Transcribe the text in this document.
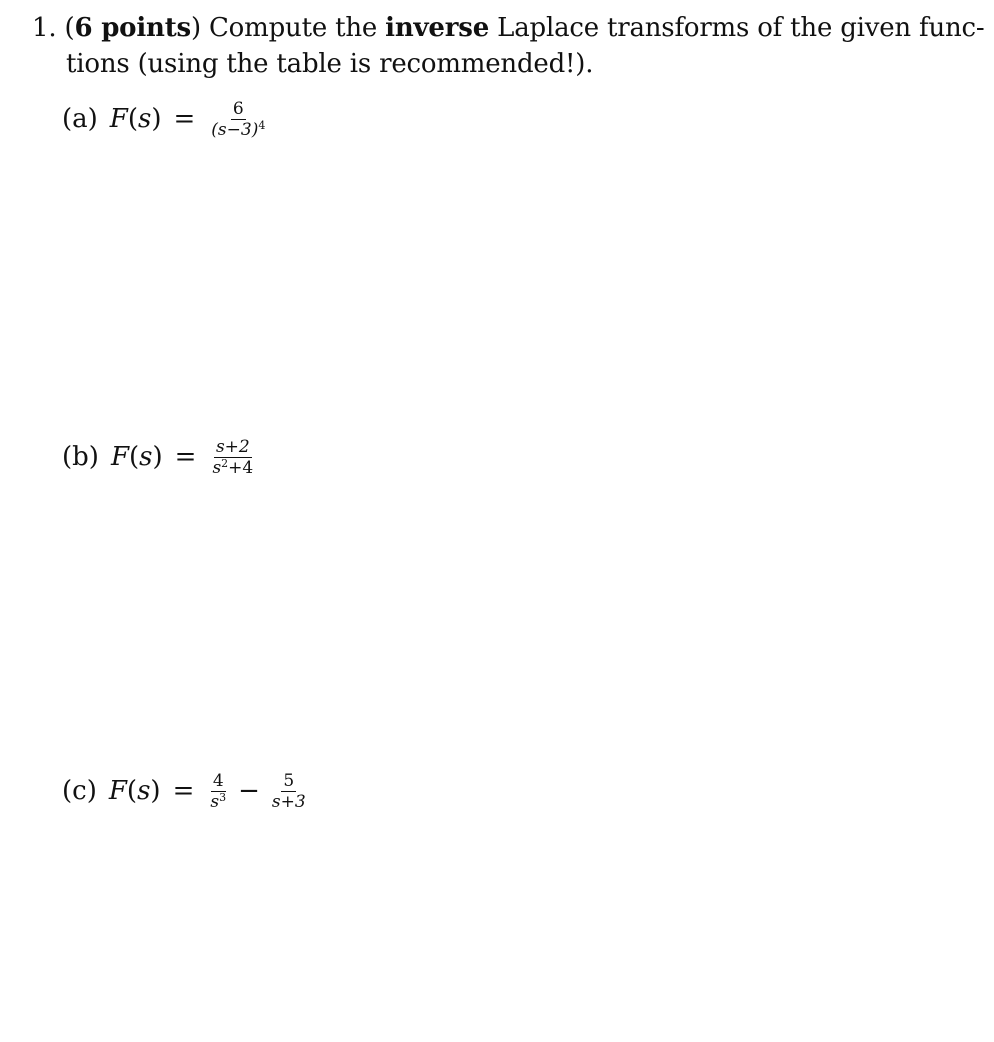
1. (6 points) Compute the inverse Laplace transforms of the given func-
tions (using the table is recommended!).
(a) F ( s ) = $\frac{6}{(s-3)^4}$
(b) F ( s ) = $\frac{s+2}{s^2+4}$
(c) F ( s ) = $\frac{4}{s^3} - \frac{5}{s+3}$
